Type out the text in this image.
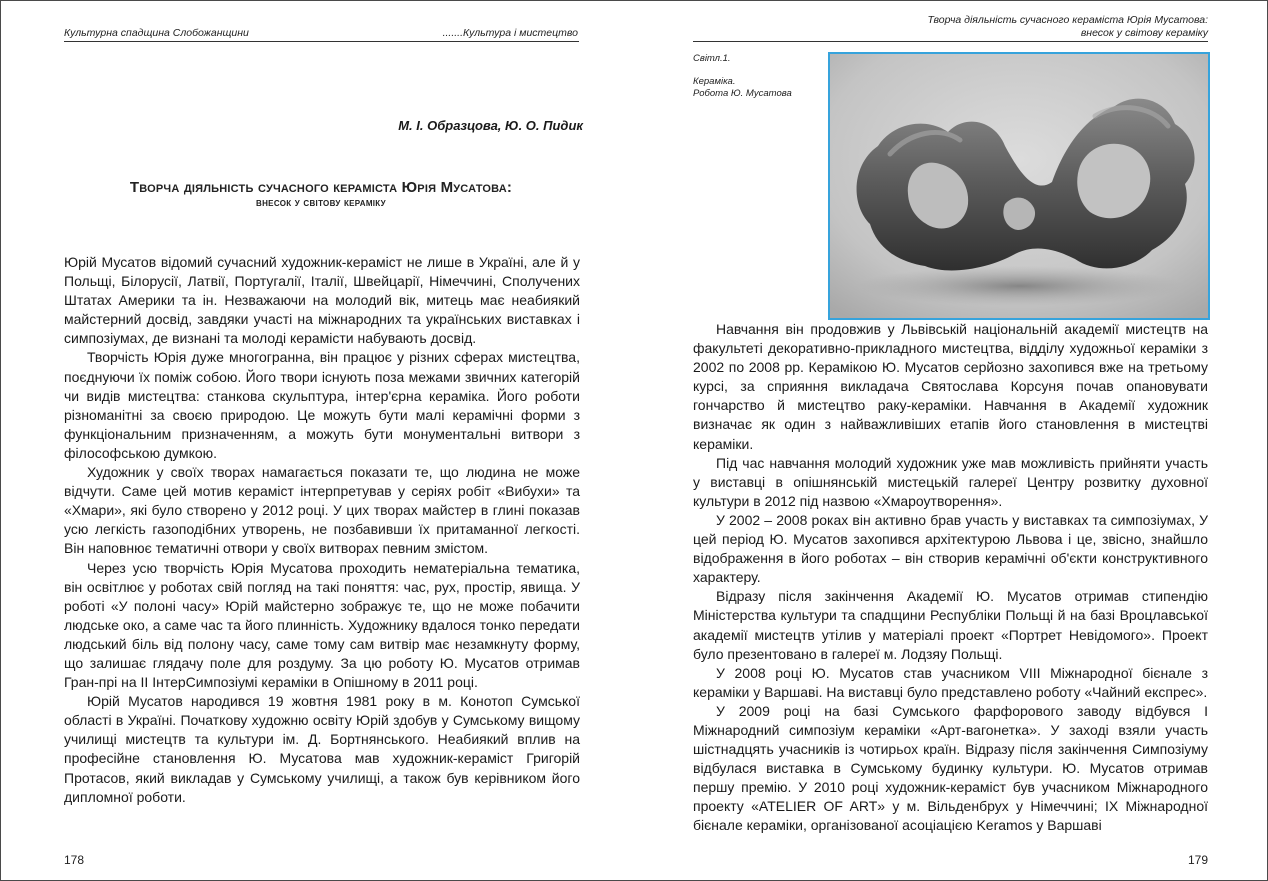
Культурна спадщина Слобожанщини	.......Культура і мистецтво
М. І. Образцова, Ю. О. Пидик
Творча діяльність сучасного кераміста Юрія Мусатова:
внесок у світову кераміку

Юрій Мусатов відомий сучасний художник-кераміст не лише в Україні, але й у Польщі, Білорусії, Латвії, Португалії, Італії, Швейцарії, Німеччині, Сполучених Штатах Америки та ін. Незважаючи на молодий вік, митець має неабиякий майстерний досвід, завдяки участі на міжнародних та українських виставках і симпозіумах, де визнані та молоді керамісти набувають досвід.

Творчість Юрія дуже многогранна, він працює у різних сферах мистецтва, поєднуючи їх поміж собою. Його твори існують поза межами звичних категорій чи видів мистецтва: станкова скульптура, інтер'єрна кераміка. Його роботи різноманітні за своєю природою. Це можуть бути малі керамічні форми з функціональним призначенням, а можуть бути монументальні витвори з філософською думкою.

Художник у своїх творах намагається показати те, що людина не може відчути. Саме цей мотив кераміст інтерпретував у серіях робіт «Вибухи» та «Хмари», які було створено у 2012 році. У цих творах майстер в глині показав усю легкість газоподібних утворень, не позбавивши їх притаманної легкості. Він наповнює тематичні отвори у своїх витворах певним змістом.

Через усю творчість Юрія Мусатова проходить нематеріальна тематика, він освітлює у роботах свій погляд на такі поняття: час, рух, простір, явища. У роботі «У полоні часу» Юрій майстерно зображує те, що не може побачити людське око, а саме час та його плинність. Художнику вдалося тонко передати людський біль від полону часу, саме тому сам витвір має незамкнуту форму, що залишає глядачу поле для роздуму. За цю роботу Ю. Мусатов отримав Гран-прі на ІІ ІнтерСимпозіумі кераміки в Опішному в 2011 році.

Юрій Мусатов народився 19 жовтня 1981 року в м. Конотоп Сумської області в Україні. Початкову художню освіту Юрій здобув у Сумському вищому училищі мистецтв та культури ім. Д. Бортнянського. Неабиякий вплив на професійне становлення Ю. Мусатова мав художник-кераміст Григорій Протасов, який викладав у Сумському училищі, а також був керівником його дипломної роботи.

178
Творча діяльність сучасного кераміста Юрія Мусатова:
внесок у світову кераміку
Світл.1.
Кераміка.
Робота Ю. Мусатова

Навчання він продовжив у Львівській національній академії мистецтв на факультеті декоративно-прикладного мистецтва, відділу художньої кераміки з 2002 по 2008 рр. Керамікою Ю. Мусатов серйозно захопився вже на третьому курсі, за сприяння викладача Святослава Корсуня почав опановувати гончарство й мистецтво раку-кераміки. Навчання в Академії художник визначає як один з найважливіших етапів його становлення в мистецтві кераміки.

Під час навчання молодий художник уже мав можливість прийняти участь у виставці в опішнянській мистецькій галереї Центру розвитку духовної культури в 2012 під назвою «Хмароутворення».

У 2002 – 2008 роках він активно брав участь у виставках та симпозіумах, У цей період Ю. Мусатов захопився архітектурою Львова і це, звісно, знайшло відображення в його роботах – він створив керамічні об'єкти конструктивного характеру.

Відразу після закінчення Академії Ю. Мусатов отримав стипендію Міністерства культури та спадщини Республіки Польщі й на базі Вроцлавської академії мистецтв утілив у матеріалі проект «Портрет Невідомого». Проект було презентовано в галереї м. Лодзяу Польщі.

У 2008 році Ю. Мусатов став учасником VIII Міжнародної бієнале з кераміки у Варшаві. На виставці було представлено роботу «Чайний експрес».

У 2009 році на базі Сумського фарфорового заводу відбувся І Міжнародний симпозіум кераміки «Арт-вагонетка». У заході взяли участь шістнадцять учасників із чотирьох країн. Відразу після закінчення Симпозіуму відбулася виставка в Сумському будинку культури. Ю. Мусатов отримав першу премію. У 2010 році художник-кераміст був учасником Міжнародного проекту «ATELIER OF ART» у м. Вільденбрух у Німеччині; ІХ Міжнародної бієнале кераміки, організованої асоціацією Keramos у Варшаві

179
